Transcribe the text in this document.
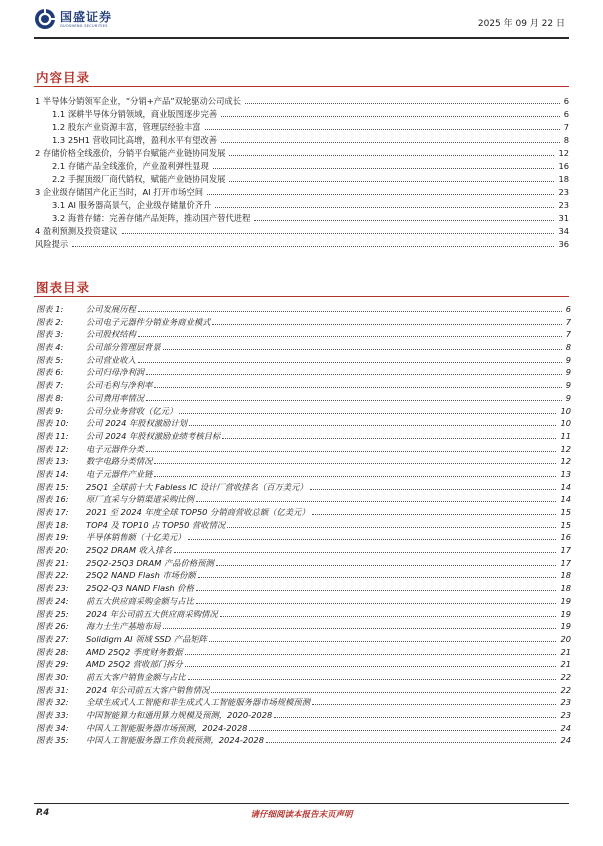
国盛证券
GUOSHENG SECURITIES	2025 年 09 月 22 日
内容目录
1 半导体分销领军企业，“分销+产品”双轮驱动公司成长	6
1.1 深耕半导体分销领域，商业版图逐步完善	6
1.2 股东产业资源丰富，管理层经验丰富	7
1.3 25H1 营收同比高增，盈利水平有望改善	8
2 存储价格全线涨价，分销平台赋能产业链协同发展	12
2.1 存储产品全线涨价，产业盈利弹性显现	16
2.2 手握顶级厂商代销权，赋能产业链协同发展	18
3 企业级存储国产化正当时，AI 打开市场空间	23
3.1 AI 服务器高景气，企业级存储量价齐升	23
3.2 海普存储：完善存储产品矩阵，推动国产替代进程	31
4 盈利预测及投资建议	34
风险提示	36
图表目录
图表 1:	公司发展历程	6
图表 2:	公司电子元器件分销业务商业模式	7
图表 3:	公司股权结构	7
图表 4:	公司部分管理层背景	8
图表 5:	公司营业收入	9
图表 6:	公司归母净利润	9
图表 7:	公司毛利与净利率	9
图表 8:	公司费用率情况	9
图表 9:	公司分业务营收（亿元）	10
图表 10:	公司 2024 年股权激励计划	10
图表 11:	公司 2024 年股权激励业绩考核目标	11
图表 12:	电子元器件分类	12
图表 13:	数字电路分类情况	12
图表 14:	电子元器件产业链	13
图表 15:	25Q1 全球前十大 Fabless IC 设计厂营收排名（百万美元）	14
图表 16:	原厂直采与分销渠道采购比例	14
图表 17:	2021 至 2024 年度全球 TOP50 分销商营收总额（亿美元）	15
图表 18:	TOP4 及 TOP10 占 TOP50 营收情况	15
图表 19:	半导体销售额（十亿美元）	16
图表 20:	25Q2 DRAM 收入排名	17
图表 21:	25Q2-25Q3 DRAM 产品价格预测	17
图表 22:	25Q2 NAND Flash 市场份额	18
图表 23:	25Q2-Q3 NAND Flash 价格	18
图表 24:	前五大供应商采购金额与占比	19
图表 25:	2024 年公司前五大供应商采购情况	19
图表 26:	海力士生产基地布局	19
图表 27:	Solidigm AI 领域 SSD 产品矩阵	20
图表 28:	AMD 25Q2 季度财务数据	21
图表 29:	AMD 25Q2 营收部门拆分	21
图表 30:	前五大客户销售金额与占比	22
图表 31:	2024 年公司前五大客户销售情况	22
图表 32:	全球生成式人工智能和非生成式人工智能服务器市场规模预测	23
图表 33:	中国智能算力和通用算力规模及预测，2020-2028	23
图表 34:	中国人工智能服务器市场预测，2024-2028	24
图表 35:	中国人工智能服务器工作负载预测，2024-2028	24
P.4	请仔细阅读本报告末页声明
